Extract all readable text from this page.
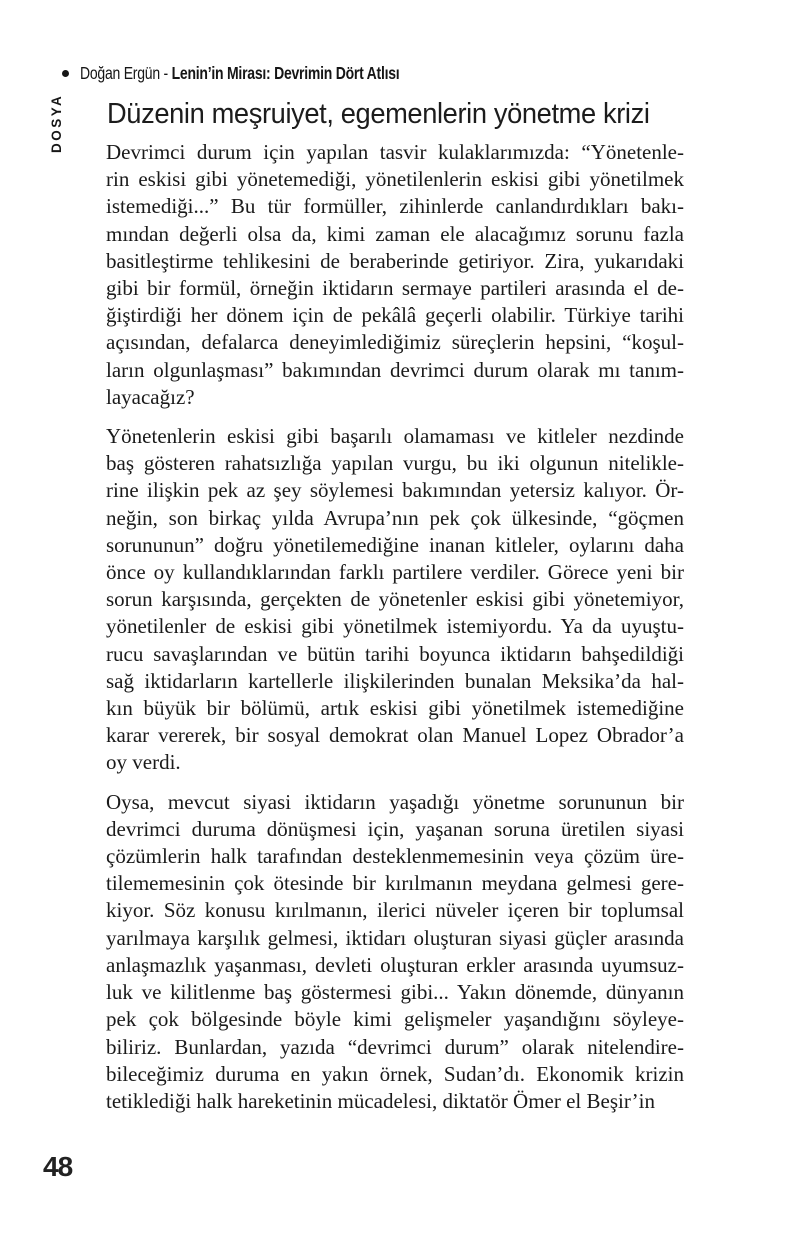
Doğan Ergün - Lenin’in Mirası: Devrimin Dört Atlısı
DOSYA Düzenin meşruiyet, egemenlerin yönetme krizi
Devrimci durum için yapılan tasvir kulaklarımızda: “Yönetenle-
rin eskisi gibi yönetemediği, yönetilenlerin eskisi gibi yönetilmek
istemediği...” Bu tür formüller, zihinlerde canlandırdıkları bakı-
mından değerli olsa da, kimi zaman ele alacağımız sorunu fazla
basitleştirme tehlikesini de beraberinde getiriyor. Zira, yukarıdaki
gibi bir formül, örneğin iktidarın sermaye partileri arasında el de-
ğiştirdiği her dönem için de pekâlâ geçerli olabilir. Türkiye tarihi
açısından, defalarca deneyimlediğimiz süreçlerin hepsini, “koşul-
ların olgunlaşması” bakımından devrimci durum olarak mı tanım-
layacağız?
Yönetenlerin eskisi gibi başarılı olamaması ve kitleler nezdinde
baş gösteren rahatsızlığa yapılan vurgu, bu iki olgunun nitelikle-
rine ilişkin pek az şey söylemesi bakımından yetersiz kalıyor. Ör-
neğin, son birkaç yılda Avrupa’nın pek çok ülkesinde, “göçmen
sorununun” doğru yönetilemediğine inanan kitleler, oylarını daha
önce oy kullandıklarından farklı partilere verdiler. Görece yeni bir
sorun karşısında, gerçekten de yönetenler eskisi gibi yönetemiyor,
yönetilenler de eskisi gibi yönetilmek istemiyordu. Ya da uyuştu-
rucu savaşlarından ve bütün tarihi boyunca iktidarın bahşedildiği
sağ iktidarların kartellerle ilişkilerinden bunalan Meksika’da hal-
kın büyük bir bölümü, artık eskisi gibi yönetilmek istemediğine
karar vererek, bir sosyal demokrat olan Manuel Lopez Obrador’a
oy verdi.
Oysa, mevcut siyasi iktidarın yaşadığı yönetme sorununun bir
devrimci duruma dönüşmesi için, yaşanan soruna üretilen siyasi
çözümlerin halk tarafından desteklenmemesinin veya çözüm üre-
tilememesinin çok ötesinde bir kırılmanın meydana gelmesi gere-
kiyor. Söz konusu kırılmanın, ilerici nüveler içeren bir toplumsal
yarılmaya karşılık gelmesi, iktidarı oluşturan siyasi güçler arasında
anlaşmazlık yaşanması, devleti oluşturan erkler arasında uyumsuz-
luk ve kilitlenme baş göstermesi gibi... Yakın dönemde, dünyanın
pek çok bölgesinde böyle kimi gelişmeler yaşandığını söyleye-
biliriz. Bunlardan, yazıda “devrimci durum” olarak nitelendire-
bileceğimiz duruma en yakın örnek, Sudan’dı. Ekonomik krizin
tetiklediği halk hareketinin mücadelesi, diktatör Ömer el Beşir’in
48
